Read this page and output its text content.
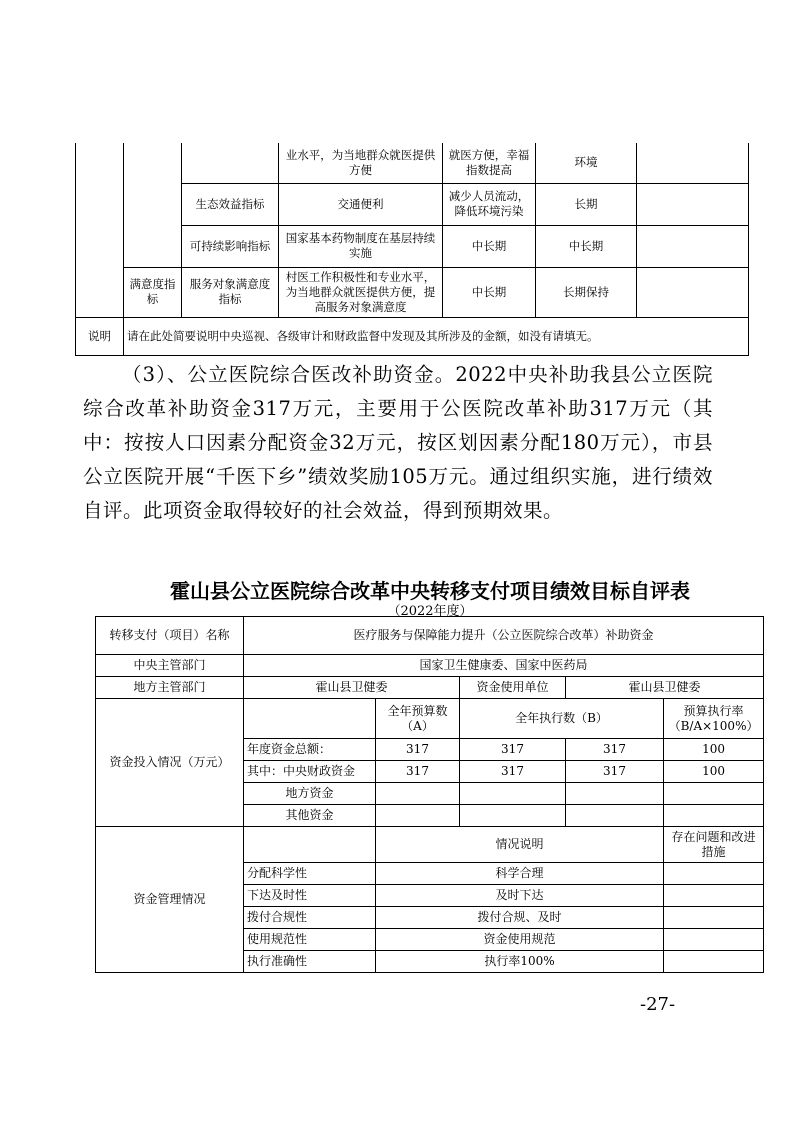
			业水平，为当地群众就医提供方便	就医方便，幸福指数提高	环境	
		生态效益指标	交通便利	减少人员流动，降低环境污染	长期	
		可持续影响指标	国家基本药物制度在基层持续实施	中长期	中长期	
	满意度指标	服务对象满意度指标	村医工作积极性和专业水平，为当地群众就医提供方便，提高服务对象满意度	中长期	长期保持	
说明	请在此处简要说明中央巡视、各级审计和财政监督中发现及其所涉及的金额，如没有请填无。					
（3）、公立医院综合医改补助资金。2022中央补助我县公立医院综合改革补助资金317万元，主要用于公医院改革补助317万元（其中：按按人口因素分配资金32万元，按区划因素分配180万元），市县公立医院开展“千医下乡”绩效奖励105万元。通过组织实施，进行绩效自评。此项资金取得较好的社会效益，得到预期效果。
霍山县公立医院综合改革中央转移支付项目绩效目标自评表
（2022年度）
转移支付（项目）名称	医疗服务与保障能力提升（公立医院综合改革）补助资金				
中央主管部门	国家卫生健康委、国家中医药局				
地方主管部门	霍山县卫健委		资金使用单位	霍山县卫健委	
资金投入情况（万元）		全年预算数（A）	全年执行数（B）		预算执行率（B/A×100%）
	年度资金总额：	317	317	317	100
	其中：中央财政资金	317	317	317	100
	地方资金				
	其他资金				
资金管理情况		情况说明			存在问题和改进措施
	分配科学性	科学合理			
	下达及时性	及时下达			
	拨付合规性	拨付合规、及时			
	使用规范性	资金使用规范			
	执行准确性	执行率100%			
-27-
